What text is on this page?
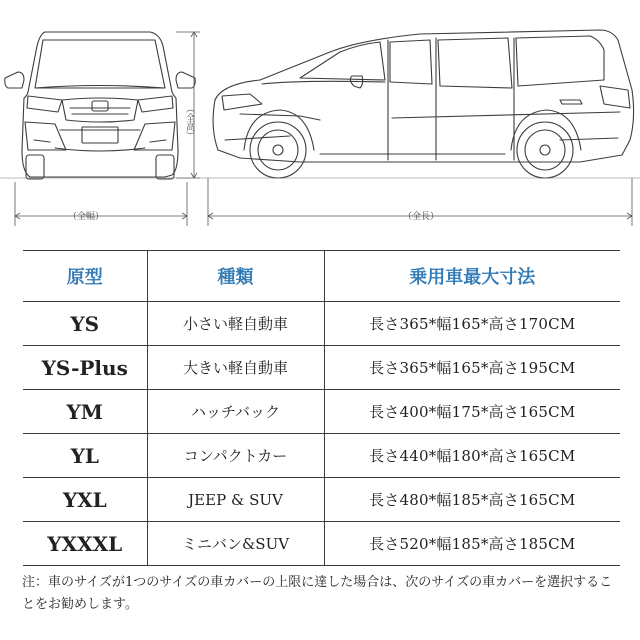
（全幅）
（全高）
（全長）
原型	種類	乗用車最大寸法
YS	小さい軽自動車	長さ365*幅165*高さ170CM
YS-Plus	大きい軽自動車	長さ365*幅165*高さ195CM
YM	ハッチバック	長さ400*幅175*高さ165CM
YL	コンパクトカー	長さ440*幅180*高さ165CM
YXL	JEEP & SUV	長さ480*幅185*高さ165CM
YXXXL	ミニバン&SUV	長さ520*幅185*高さ185CM
注：車のサイズが1つのサイズの車カバーの上限に達した場合は、次のサイズの車カバーを選択することをお勧めします。
